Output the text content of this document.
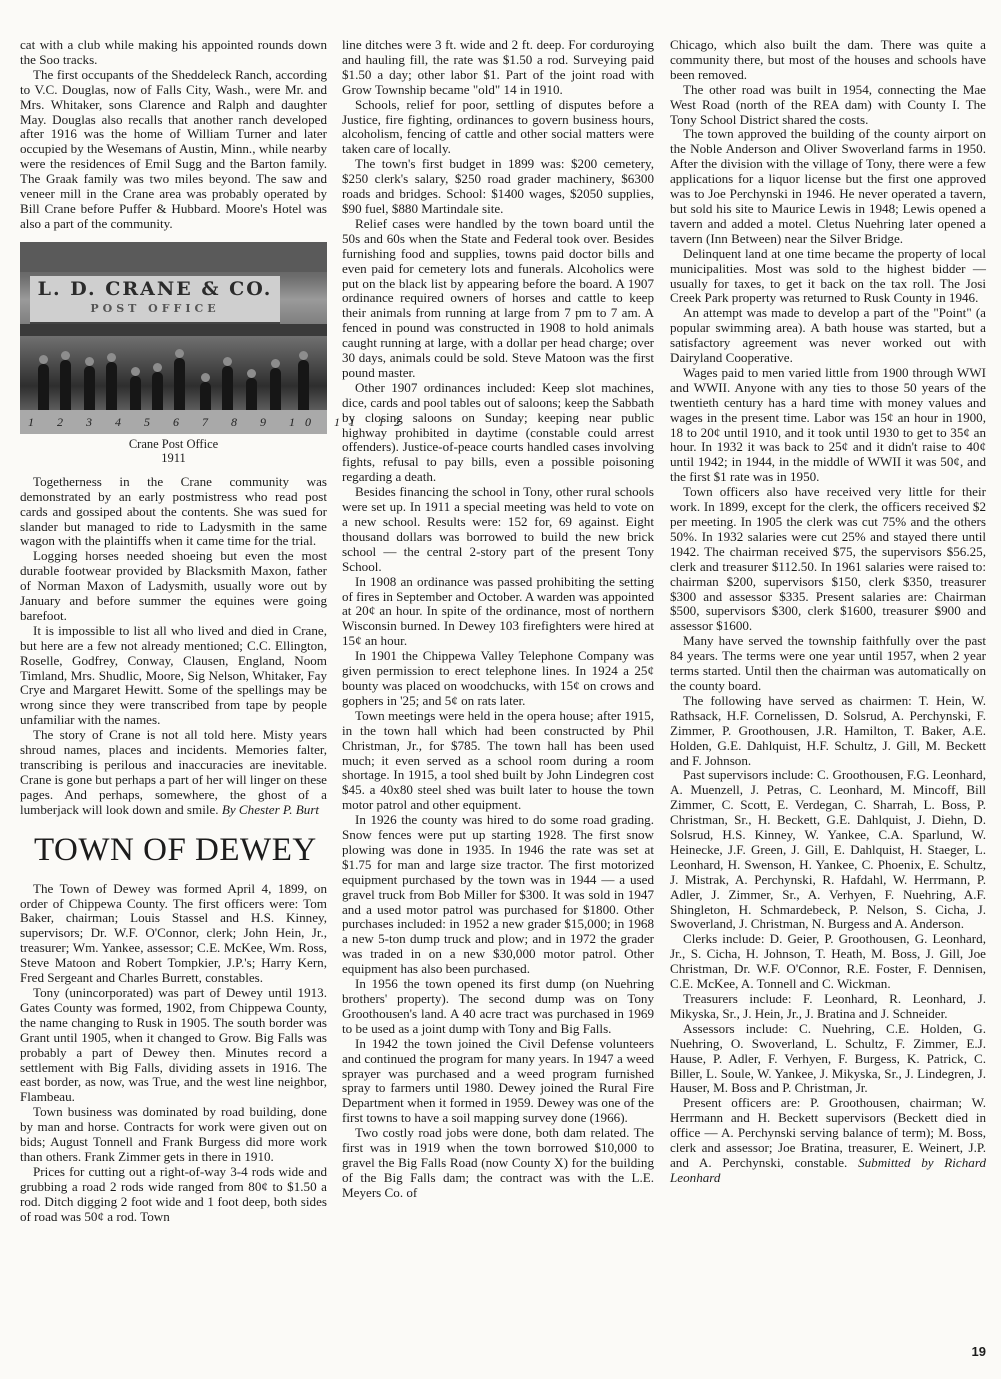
cat with a club while making his appointed rounds down the Soo tracks.

The first occupants of the Sheddeleck Ranch, according to V.C. Douglas, now of Falls City, Wash., were Mr. and Mrs. Whitaker, sons Clarence and Ralph and daughter May. Douglas also recalls that another ranch developed after 1916 was the home of William Turner and later occupied by the Wesemans of Austin, Minn., while nearby were the residences of Emil Sugg and the Barton family. The Graak family was two miles beyond. The saw and veneer mill in the Crane area was probably operated by Bill Crane before Puffer & Hubbard. Moore's Hotel was also a part of the community.

L. D. CRANE & CO.
POST OFFICE
1 2 3 4 5 6 7 8 9 10 11 12
Crane Post Office
1911

Togetherness in the Crane community was demonstrated by an early postmistress who read post cards and gossiped about the contents. She was sued for slander but managed to ride to Ladysmith in the same wagon with the plaintiffs when it came time for the trial.

Logging horses needed shoeing but even the most durable footwear provided by Blacksmith Maxon, father of Norman Maxon of Ladysmith, usually wore out by January and before summer the equines were going barefoot.

It is impossible to list all who lived and died in Crane, but here are a few not already mentioned; C.C. Ellington, Roselle, Godfrey, Conway, Clausen, England, Noom Timland, Mrs. Shudlic, Moore, Sig Nelson, Whitaker, Fay Crye and Margaret Hewitt. Some of the spellings may be wrong since they were transcribed from tape by people unfamiliar with the names.

The story of Crane is not all told here. Misty years shroud names, places and incidents. Memories falter, transcribing is perilous and inaccuracies are inevitable. Crane is gone but perhaps a part of her will linger on these pages. And perhaps, somewhere, the ghost of a lumberjack will look down and smile. By Chester P. Burt

TOWN OF DEWEY

The Town of Dewey was formed April 4, 1899, on order of Chippewa County. The first officers were: Tom Baker, chairman; Louis Stassel and H.S. Kinney, supervisors; Dr. W.F. O'Connor, clerk; John Hein, Jr., treasurer; Wm. Yankee, assessor; C.E. McKee, Wm. Ross, Steve Matoon and Robert Tompkier, J.P.'s; Harry Kern, Fred Sergeant and Charles Burrett, constables.

Tony (unincorporated) was part of Dewey until 1913. Gates County was formed, 1902, from Chippewa County, the name changing to Rusk in 1905. The south border was Grant until 1905, when it changed to Grow. Big Falls was probably a part of Dewey then. Minutes record a settlement with Big Falls, dividing assets in 1916. The east border, as now, was True, and the west line neighbor, Flambeau.

Town business was dominated by road building, done by man and horse. Contracts for work were given out on bids; August Tonnell and Frank Burgess did more work than others. Frank Zimmer gets in there in 1910.

Prices for cutting out a right-of-way 3-4 rods wide and grubbing a road 2 rods wide ranged from 80¢ to $1.50 a rod. Ditch digging 2 foot wide and 1 foot deep, both sides of road was 50¢ a rod. Town

line ditches were 3 ft. wide and 2 ft. deep. For corduroying and hauling fill, the rate was $1.50 a rod. Surveying paid $1.50 a day; other labor $1. Part of the joint road with Grow Township became "old" 14 in 1910.

Schools, relief for poor, settling of disputes before a Justice, fire fighting, ordinances to govern business hours, alcoholism, fencing of cattle and other social matters were taken care of locally.

The town's first budget in 1899 was: $200 cemetery, $250 clerk's salary, $250 road grader machinery, $6300 roads and bridges. School: $1400 wages, $2050 supplies, $90 fuel, $880 Martindale site.

Relief cases were handled by the town board until the 50s and 60s when the State and Federal took over. Besides furnishing food and supplies, towns paid doctor bills and even paid for cemetery lots and funerals. Alcoholics were put on the black list by appearing before the board. A 1907 ordinance required owners of horses and cattle to keep their animals from running at large from 7 pm to 7 am. A fenced in pound was constructed in 1908 to hold animals caught running at large, with a dollar per head charge; over 30 days, animals could be sold. Steve Matoon was the first pound master.

Other 1907 ordinances included: Keep slot machines, dice, cards and pool tables out of saloons; keep the Sabbath by closing saloons on Sunday; keeping near public highway prohibited in daytime (constable could arrest offenders). Justice-of-peace courts handled cases involving fights, refusal to pay bills, even a possible poisoning regarding a death.

Besides financing the school in Tony, other rural schools were set up. In 1911 a special meeting was held to vote on a new school. Results were: 152 for, 69 against. Eight thousand dollars was borrowed to build the new brick school — the central 2-story part of the present Tony School.

In 1908 an ordinance was passed prohibiting the setting of fires in September and October. A warden was appointed at 20¢ an hour. In spite of the ordinance, most of northern Wisconsin burned. In Dewey 103 firefighters were hired at 15¢ an hour.

In 1901 the Chippewa Valley Telephone Company was given permission to erect telephone lines. In 1924 a 25¢ bounty was placed on woodchucks, with 15¢ on crows and gophers in '25; and 5¢ on rats later.

Town meetings were held in the opera house; after 1915, in the town hall which had been constructed by Phil Christman, Jr., for $785. The town hall has been used much; it even served as a school room during a room shortage. In 1915, a tool shed built by John Lindegren cost $45. a 40x80 steel shed was built later to house the town motor patrol and other equipment.

In 1926 the county was hired to do some road grading. Snow fences were put up starting 1928. The first snow plowing was done in 1935. In 1946 the rate was set at $1.75 for man and large size tractor. The first motorized equipment purchased by the town was in 1944 — a used gravel truck from Bob Miller for $300. It was sold in 1947 and a used motor patrol was purchased for $1800. Other purchases included: in 1952 a new grader $15,000; in 1968 a new 5-ton dump truck and plow; and in 1972 the grader was traded in on a new $30,000 motor patrol. Other equipment has also been purchased.

In 1956 the town opened its first dump (on Nuehring brothers' property). The second dump was on Tony Groothousen's land. A 40 acre tract was purchased in 1969 to be used as a joint dump with Tony and Big Falls.

In 1942 the town joined the Civil Defense volunteers and continued the program for many years. In 1947 a weed sprayer was purchased and a weed program furnished spray to farmers until 1980. Dewey joined the Rural Fire Department when it formed in 1959. Dewey was one of the first towns to have a soil mapping survey done (1966).

Two costly road jobs were done, both dam related. The first was in 1919 when the town borrowed $10,000 to gravel the Big Falls Road (now County X) for the building of the Big Falls dam; the contract was with the L.E. Meyers Co. of

Chicago, which also built the dam. There was quite a community there, but most of the houses and schools have been removed.

The other road was built in 1954, connecting the Mae West Road (north of the REA dam) with County I. The Tony School District shared the costs.

The town approved the building of the county airport on the Noble Anderson and Oliver Swoverland farms in 1950. After the division with the village of Tony, there were a few applications for a liquor license but the first one approved was to Joe Perchynski in 1946. He never operated a tavern, but sold his site to Maurice Lewis in 1948; Lewis opened a tavern and added a motel. Cletus Nuehring later opened a tavern (Inn Between) near the Silver Bridge.

Delinquent land at one time became the property of local municipalities. Most was sold to the highest bidder — usually for taxes, to get it back on the tax roll. The Josi Creek Park property was returned to Rusk County in 1946.

An attempt was made to develop a part of the "Point" (a popular swimming area). A bath house was started, but a satisfactory agreement was never worked out with Dairyland Cooperative.

Wages paid to men varied little from 1900 through WWI and WWII. Anyone with any ties to those 50 years of the twentieth century has a hard time with money values and wages in the present time. Labor was 15¢ an hour in 1900, 18 to 20¢ until 1910, and it took until 1930 to get to 35¢ an hour. In 1932 it was back to 25¢ and it didn't raise to 40¢ until 1942; in 1944, in the middle of WWII it was 50¢, and the first $1 rate was in 1950.

Town officers also have received very little for their work. In 1899, except for the clerk, the officers received $2 per meeting. In 1905 the clerk was cut 75% and the others 50%. In 1932 salaries were cut 25% and stayed there until 1942. The chairman received $75, the supervisors $56.25, clerk and treasurer $112.50. In 1961 salaries were raised to: chairman $200, supervisors $150, clerk $350, treasurer $300 and assessor $335. Present salaries are: Chairman $500, supervisors $300, clerk $1600, treasurer $900 and assessor $1600.

Many have served the township faithfully over the past 84 years. The terms were one year until 1957, when 2 year terms started. Until then the chairman was automatically on the county board.

The following have served as chairmen: T. Hein, W. Rathsack, H.F. Cornelissen, D. Solsrud, A. Perchynski, F. Zimmer, P. Groothousen, J.R. Hamilton, T. Baker, A.E. Holden, G.E. Dahlquist, H.F. Schultz, J. Gill, M. Beckett and F. Johnson.

Past supervisors include: C. Groothousen, F.G. Leonhard, A. Muenzell, J. Petras, C. Leonhard, M. Mincoff, Bill Zimmer, C. Scott, E. Verdegan, C. Sharrah, L. Boss, P. Christman, Sr., H. Beckett, G.E. Dahlquist, J. Diehn, D. Solsrud, H.S. Kinney, W. Yankee, C.A. Sparlund, W. Heinecke, J.F. Green, J. Gill, E. Dahlquist, H. Staeger, L. Leonhard, H. Swenson, H. Yankee, C. Phoenix, E. Schultz, J. Mistrak, A. Perchynski, R. Hafdahl, W. Herrmann, P. Adler, J. Zimmer, Sr., A. Verhyen, F. Nuehring, A.F. Shingleton, H. Schmardebeck, P. Nelson, S. Cicha, J. Swoverland, J. Christman, N. Burgess and A. Anderson.

Clerks include: D. Geier, P. Groothousen, G. Leonhard, Jr., S. Cicha, H. Johnson, T. Heath, M. Boss, J. Gill, Joe Christman, Dr. W.F. O'Connor, R.E. Foster, F. Dennisen, C.E. McKee, A. Tonnell and C. Wickman.

Treasurers include: F. Leonhard, R. Leonhard, J. Mikyska, Sr., J. Hein, Jr., J. Bratina and J. Schneider.

Assessors include: C. Nuehring, C.E. Holden, G. Nuehring, O. Swoverland, L. Schultz, F. Zimmer, E.J. Hause, P. Adler, F. Verhyen, F. Burgess, K. Patrick, C. Biller, L. Soule, W. Yankee, J. Mikyska, Sr., J. Lindegren, J. Hauser, M. Boss and P. Christman, Jr.

Present officers are: P. Groothousen, chairman; W. Herrmann and H. Beckett supervisors (Beckett died in office — A. Perchynski serving balance of term); M. Boss, clerk and assessor; Joe Bratina, treasurer, E. Weinert, J.P. and A. Perchynski, constable. Submitted by Richard Leonhard

19
